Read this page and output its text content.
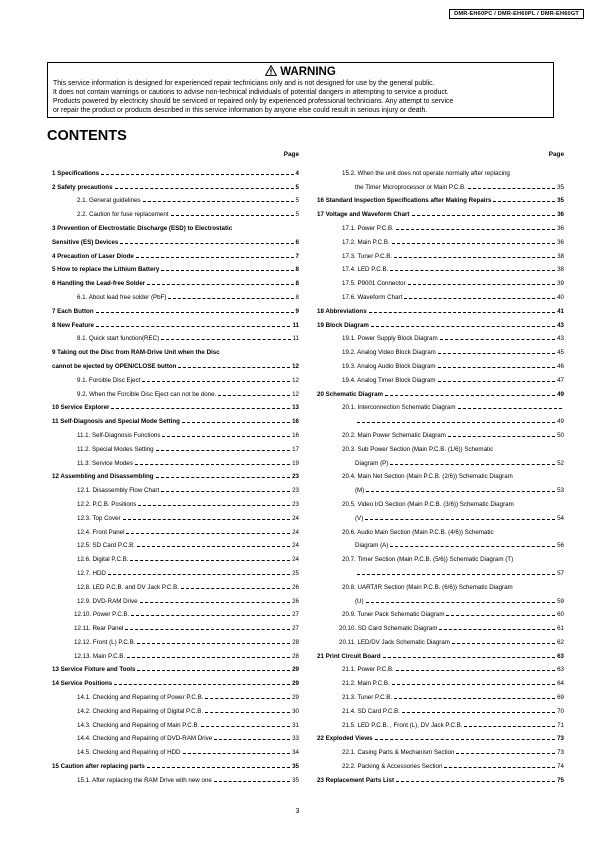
DMR-EH60PC / DMR-EH60PL / DMR-EH60GT
WARNING
This service information is designed for experienced repair technicians only and is not designed for use by the general public.
It does not contain warnings or cautions to advise non-technical individuals of potential dangers in attempting to service a product.
Products powered by electricity should be serviced or repaired only by experienced professional technicians. Any attempt to service
or repair the product or products described in this service information by anyone else could result in serious injury or death.
CONTENTS
Page
1 Specifications	4
2 Safety precautions	5
2.1. General guidelines	5
2.2. Caution for fuse replacement	5
3 Prevention of Electrostatic Discharge (ESD) to Electrostatic
Sensitive (ES) Devices	6
4 Precaution of Laser Diode	7
5 How to replace the Lithium Battery	8
6 Handling the Lead-free Solder	8
6.1. About lead free solder (PbF)	8
7 Each Button	9
8 New Feature	11
8.1. Quick start function(REC)	11
9 Taking out the Disc from RAM-Drive Unit when the Disc
cannot be ejected by OPEN/CLOSE button	12
9.1. Forcible Disc Eject	12
9.2. When the Forcible Disc Eject can not be done.	12
10 Service Explorer	13
11 Self-Diagnosis and Special Mode Setting	16
11.1. Self-Diagnosis Functions	16
11.2. Special Modes Setting	17
11.3. Service Modes	19
12 Assembling and Disassembling	23
12.1. Disassembly Flow Chart	23
12.2. P.C.B. Positions	23
12.3. Top Cover	24
12.4. Front Panel	24
12.5. SD Card P.C.B.	24
12.6. Digital P.C.B.	24
12.7. HDD	25
12.8. LED P.C.B. and DV Jack P.C.B.	26
12.9. DVD-RAM Drive	26
12.10. Power P.C.B.	27
12.11. Rear Panel	27
12.12. Front (L) P.C.B.	28
12.13. Main P.C.B.	28
13 Service Fixture and Tools	29
14 Service Positions	29
14.1. Checking and Repairing of Power P.C.B.	29
14.2. Checking and Repairing of Digital P.C.B.	30
14.3. Checking and Repairing of Main P.C.B.	31
14.4. Checking and Repairing of DVD-RAM Drive	33
14.5. Checking and Repairing of HDD	34
15 Caution after replacing parts	35
15.1. After replacing the RAM Drive with new one	35
Page
15.2. When the unit does not operate normally after replacing
the Timer Microprocessor or Main P.C.B.	35
16 Standard Inspection Specifications after Making Repairs	35
17 Voltage and Waveform Chart	36
17.1. Power P.C.B.	36
17.2. Main P.C.B.	36
17.3. Tuner P.C.B.	38
17.4. LED P.C.B.	38
17.5. P9001 Connector	39
17.6. Waveform Chart	40
18 Abbreviations	41
19 Block Diagram	43
19.1. Power Supply Block Diagram	43
19.2. Analog Video Block Diagram	45
19.3. Analog Audio Block Diagram	46
19.4. Analog Timer Block Diagram	47
20 Schematic Diagram	49
20.1. Interconnection Schematic Diagram
49
20.2. Main Power Schematic Diagram	50
20.3. Sub Power Section (Main P.C.B. (1/6)) Schematic
Diagram (P)	52
20.4. Main Net Section (Main P.C.B. (2/6)) Schematic Diagram
(M)	53
20.5. Video I/O Section (Main P.C.B. (3/6)) Schematic Diagram
(V)	54
20.6. Audio Main Section (Main P.C.B. (4/6)) Schematic
Diagram (A)	56
20.7. Timer Section (Main P.C.B. (5/6)) Schematic Diagram (T)
57
20.8. UART/IR Section (Main P.C.B. (6/6)) Schematic Diagram
(U)	59
20.9. Tuner Pack Schematic Diagram	60
20.10. SD Card Schematic Diagram	61
20.11. LED/DV Jack Schematic Diagram	62
21 Print Circuit Board	63
21.1. Power P.C.B.	63
21.2. Main P.C.B.	64
21.3. Tuner P.C.B.	69
21.4. SD Card P.C.B.	70
21.5. LED P.C.B. , Front (L), DV Jack P.C.B.	71
22 Exploded Views	73
22.1. Casing Parts & Mechanism Section	73
22.2. Packing & Accessories Section	74
23 Replacement Parts List	75
3
